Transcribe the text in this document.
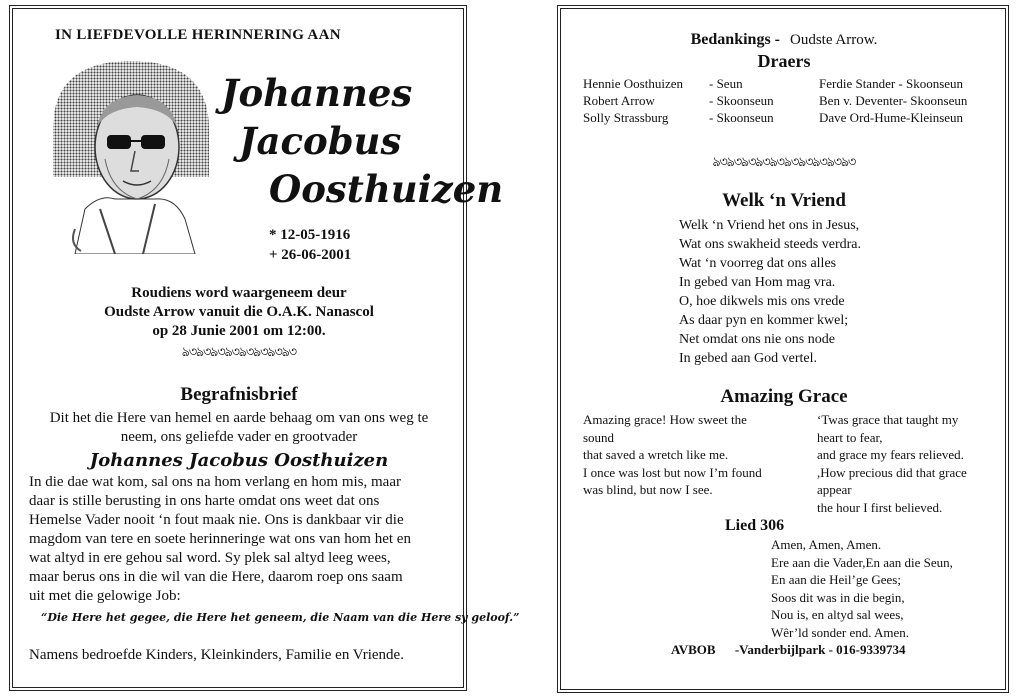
IN LIEFDEVOLLE HERINNERING AAN
Johannes
Jacobus
Oosthuizen
* 12-05-1916
+ 26-06-2001
Roudiens word waargeneem deur
Oudste Arrow vanuit die O.A.K. Nanascol
op 28 Junie 2001 om 12:00.
ঌ৩ঌ৩ঌ৩ঌ৩ঌ৩ঌ৩ঌ৩ঌ৩
Begrafnisbrief
Dit het die Here van hemel en aarde behaag om van ons weg te
neem, ons geliefde vader en grootvader
Johannes Jacobus Oosthuizen
In die dae wat kom, sal ons na hom verlang en hom mis, maar
daar is stille berusting in ons harte omdat ons weet dat ons
Hemelse Vader nooit ‘n fout maak nie. Ons is dankbaar vir die
magdom van tere en soete herinneringe wat ons van hom het en
wat altyd in ere gehou sal word. Sy plek sal altyd leeg wees,
maar berus ons in die wil van die Here, daarom roep ons saam
uit met die gelowige Job:
“Die Here het gegee, die Here het geneem, die Naam van die Here sy geloof.”
Namens bedroefde Kinders, Kleinkinders, Familie en Vriende.
Bedankings - Oudste Arrow.
Draers
Hennie Oosthuizen - Seun
Robert Arrow	- Skoonseun
Solly Strassburg	- Skoonseun
Ferdie Stander - Skoonseun
Ben v. Deventer- Skoonseun
Dave Ord-Hume-Kleinseun
ঌ৩ঌ৩ঌ৩ঌ৩ঌ৩ঌ৩ঌ৩ঌ৩ঌ৩ঌ৩
Welk ‘n Vriend
Welk ‘n Vriend het ons in Jesus,
Wat ons swakheid steeds verdra.
Wat ‘n voorreg dat ons alles
In gebed van Hom mag vra.
O, hoe dikwels mis ons vrede
As daar pyn en kommer kwel;
Net omdat ons nie ons node
In gebed aan God vertel.
Amazing Grace
Amazing grace! How sweet the
sound
that saved a wretch like me.
I once was lost but now I’m found
was blind, but now I see.
‘Twas grace that taught my
heart to fear,
and grace my fears relieved.
,How precious did that grace
appear
the hour I first believed.
Lied 306
Amen, Amen, Amen.
Ere aan die Vader,En aan die Seun,
En aan die Heil’ge Gees;
Soos dit was in die begin,
Nou is, en altyd sal wees,
Wêr’ld sonder end. Amen.
AVBOB -Vanderbijlpark - 016-9339734
